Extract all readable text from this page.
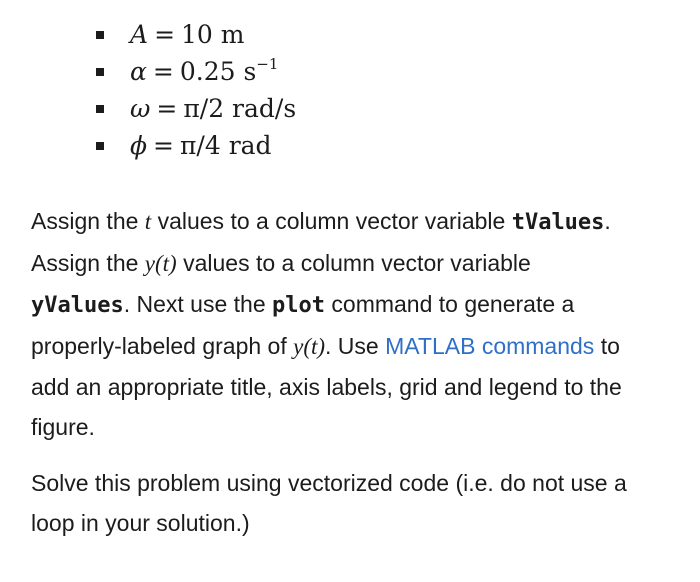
A = 10 m
α = 0.25 $s^{-1}$
ω = π/2 rad/s
ϕ = π/4 rad

Assign the t values to a column vector variable tValues. Assign the y(t) values to a column vector variable yValues. Next use the plot command to generate a properly-labeled graph of y(t). Use MATLAB commands to add an appropriate title, axis labels, grid and legend to the figure.

Solve this problem using vectorized code (i.e. do not use a loop in your solution.)
